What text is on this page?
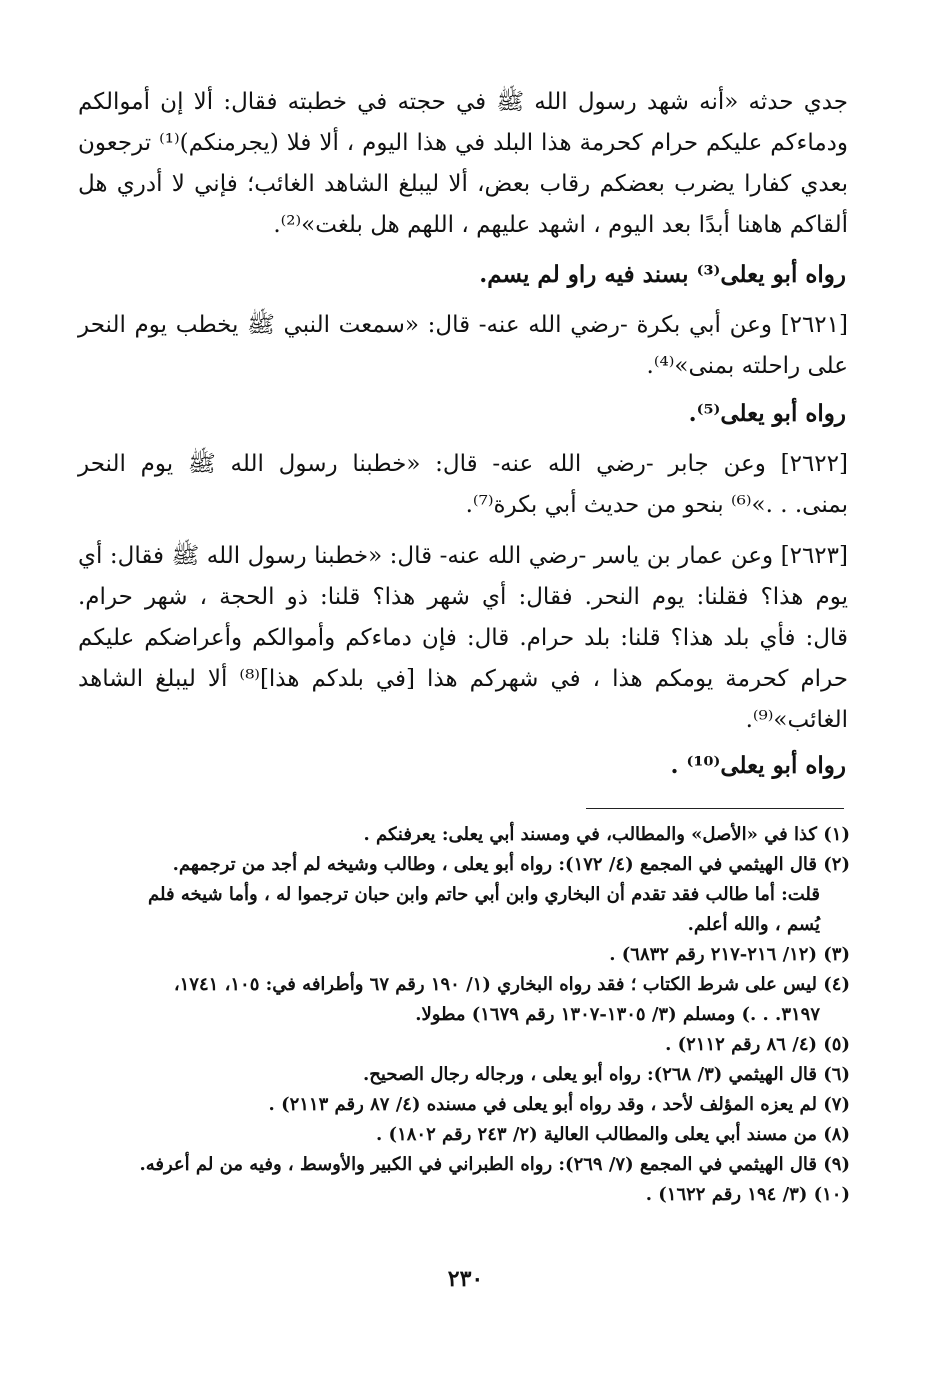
جدي حدثه «أنه شهد رسول الله ﷺ في حجته في خطبته فقال: ألا إن أموالكم
ودماءكم عليكم حرام كحرمة هذا البلد في هذا اليوم ، ألا فلا (يجرمنكم)⁽¹⁾ ترجعون
بعدي كفارا يضرب بعضكم رقاب بعض، ألا ليبلغ الشاهد الغائب؛ فإني لا أدري هل
ألقاكم هاهنا أبدًا بعد اليوم ، اشهد عليهم ، اللهم هل بلغت»⁽²⁾.
رواه أبو يعلى⁽³⁾ بسند فيه راو لم يسم.
[٢٦٢١] وعن أبي بكرة -رضي الله عنه- قال: «سمعت النبي ﷺ يخطب يوم النحر
على راحلته بمنى»⁽⁴⁾.
رواه أبو يعلى⁽⁵⁾.
[٢٦٢٢] وعن جابر -رضي الله عنه- قال: «خطبنا رسول الله ﷺ يوم النحر
بمنى. . .»⁽⁶⁾ بنحو من حديث أبي بكرة⁽⁷⁾.
[٢٦٢٣] وعن عمار بن ياسر -رضي الله عنه- قال: «خطبنا رسول الله ﷺ فقال: أي
يوم هذا؟ فقلنا: يوم النحر. فقال: أي شهر هذا؟ قلنا: ذو الحجة ، شهر حرام.
قال: فأي بلد هذا؟ قلنا: بلد حرام. قال: فإن دماءكم وأموالكم وأعراضكم عليكم
حرام كحرمة يومكم هذا ، في شهركم هذا [في بلدكم هذا]⁽⁸⁾ ألا ليبلغ الشاهد
الغائب»⁽⁹⁾.
رواه أبو يعلى⁽¹⁰⁾ .
(١) كذا في «الأصل» والمطالب، في ومسند أبي يعلى: يعرفنكم .
(٢) قال الهيثمي في المجمع (٤/ ١٧٢): رواه أبو يعلى ، وطالب وشيخه لم أجد من ترجمهم.
قلت: أما طالب فقد تقدم أن البخاري وابن أبي حاتم وابن حبان ترجموا له ، وأما شيخه فلم
يُسم ، والله أعلم.
(٣) (١٢/ ٢١٦-٢١٧ رقم ٦٨٣٢) .
(٤) ليس على شرط الكتاب ؛ فقد رواه البخاري (١/ ١٩٠ رقم ٦٧ وأطرافه في: ١٠٥، ١٧٤١،
٣١٩٧. . .) ومسلم (٣/ ١٣٠٥-١٣٠٧ رقم ١٦٧٩) مطولا.
(٥) (٤/ ٨٦ رقم ٢١١٢) .
(٦) قال الهيثمي (٣/ ٢٦٨): رواه أبو يعلى ، ورجاله رجال الصحيح.
(٧) لم يعزه المؤلف لأحد ، وقد رواه أبو يعلى في مسنده (٤/ ٨٧ رقم ٢١١٣) .
(٨) من مسند أبي يعلى والمطالب العالية (٢/ ٢٤٣ رقم ١٨٠٢) .
(٩) قال الهيثمي في المجمع (٧/ ٢٦٩): رواه الطبراني في الكبير والأوسط ، وفيه من لم أعرفه.
(١٠) (٣/ ١٩٤ رقم ١٦٢٢) .
٢٣٠
